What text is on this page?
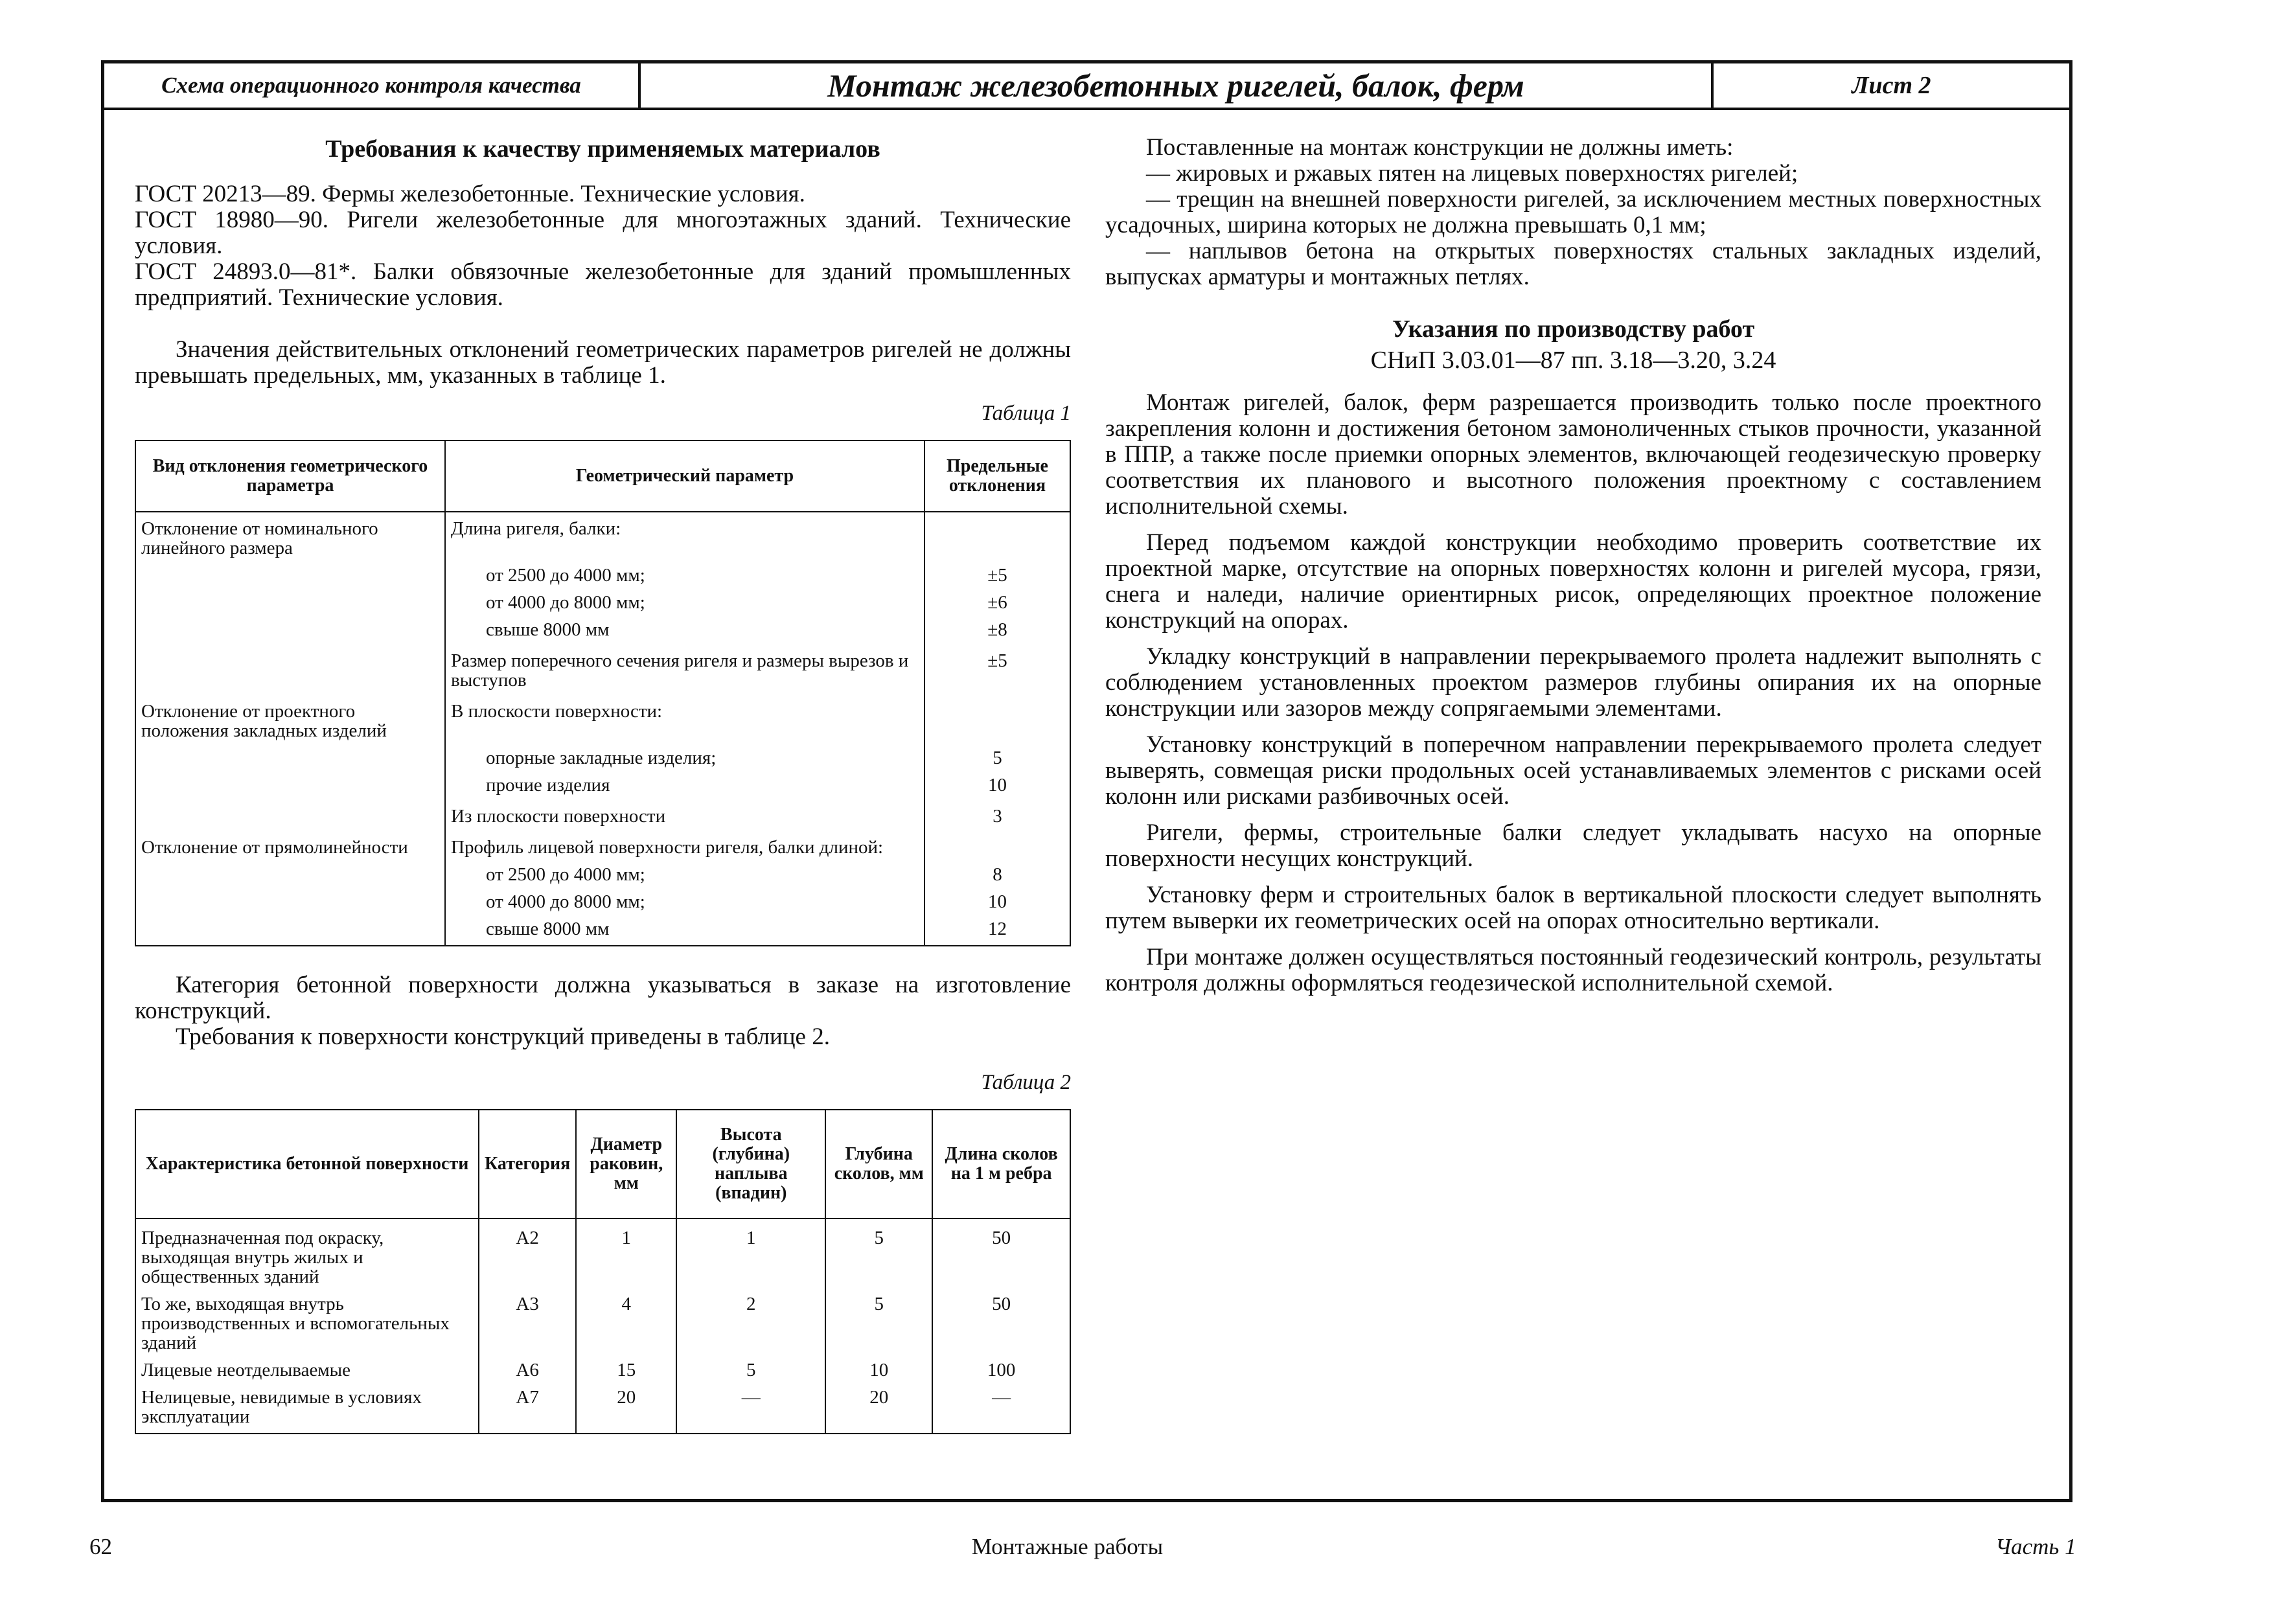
Схема операционного контроля качества	Монтаж железобетонных ригелей, балок, ферм	Лист 2
Требования к качеству применяемых материалов

ГОСТ 20213—89. Фермы железобетонные. Технические условия.

ГОСТ 18980—90. Ригели железобетонные для многоэтажных зданий. Технические условия.

ГОСТ 24893.0—81*. Балки обвязочные железобетонные для зданий промышленных предприятий. Технические условия.

Значения действительных отклонений геометрических параметров ригелей не должны превышать предельных, мм, указанных в таблице 1.

Таблица 1
Вид отклонения геометрического параметра	Геометрический параметр	Предельные отклонения
Отклонение от номинального линейного размера	Длина ригеля, балки:	
	от 2500 до 4000 мм;	±5
	от 4000 до 8000 мм;	±6
	свыше 8000 мм	±8
	Размер поперечного сечения ригеля и размеры вырезов и выступов	±5
Отклонение от проектного положения закладных изделий	В плоскости поверхности:	
	опорные закладные изделия;	5
	прочие изделия	10
	Из плоскости поверхности	3
Отклонение от прямолинейности	Профиль лицевой поверхности ригеля, балки длиной:	
	от 2500 до 4000 мм;	8
	от 4000 до 8000 мм;	10
	свыше 8000 мм	12

Категория бетонной поверхности должна указываться в заказе на изготовление конструкций.

Требования к поверхности конструкций приведены в таблице 2.

Таблица 2
Характеристика бетонной поверхности	Категория	Диаметр раковин, мм	Высота (глубина) наплыва (впадин)	Глубина сколов, мм	Длина сколов на 1 м ребра
Предназначенная под окраску, выходящая внутрь жилых и общественных зданий	А2	1	1	5	50
То же, выходящая внутрь производственных и вспомогательных зданий	А3	4	2	5	50
Лицевые неотделываемые	А6	15	5	10	100
Нелицевые, невидимые в условиях эксплуатации	А7	20	—	20	—

Поставленные на монтаж конструкции не должны иметь:

— жировых и ржавых пятен на лицевых поверхностях ригелей;

— трещин на внешней поверхности ригелей, за исключением местных поверхностных усадочных, ширина которых не должна превышать 0,1 мм;

— наплывов бетона на открытых поверхностях стальных закладных изделий, выпусках арматуры и монтажных петлях.

Указания по производству работ
СНиП 3.03.01—87 пп. 3.18—3.20, 3.24

Монтаж ригелей, балок, ферм разрешается производить только после проектного закрепления колонн и достижения бетоном замоноличенных стыков прочности, указанной в ППР, а также после приемки опорных элементов, включающей геодезическую проверку соответствия их планового и высотного положения проектному с составлением исполнительной схемы.

Перед подъемом каждой конструкции необходимо проверить соответствие их проектной марке, отсутствие на опорных поверхностях колонн и ригелей мусора, грязи, снега и наледи, наличие ориентирных рисок, определяющих проектное положение конструкций на опорах.

Укладку конструкций в направлении перекрываемого пролета надлежит выполнять с соблюдением установленных проектом размеров глубины опирания их на опорные конструкции или зазоров между сопрягаемыми элементами.

Установку конструкций в поперечном направлении перекрываемого пролета следует выверять, совмещая риски продольных осей устанавливаемых элементов с рисками осей колонн или рисками разбивочных осей.

Ригели, фермы, строительные балки следует укладывать насухо на опорные поверхности несущих конструкций.

Установку ферм и строительных балок в вертикальной плоскости следует выполнять путем выверки их геометрических осей на опорах относительно вертикали.

При монтаже должен осуществляться постоянный геодезический контроль, результаты контроля должны оформляться геодезической исполнительной схемой.

62	Монтажные работы	Часть 1
